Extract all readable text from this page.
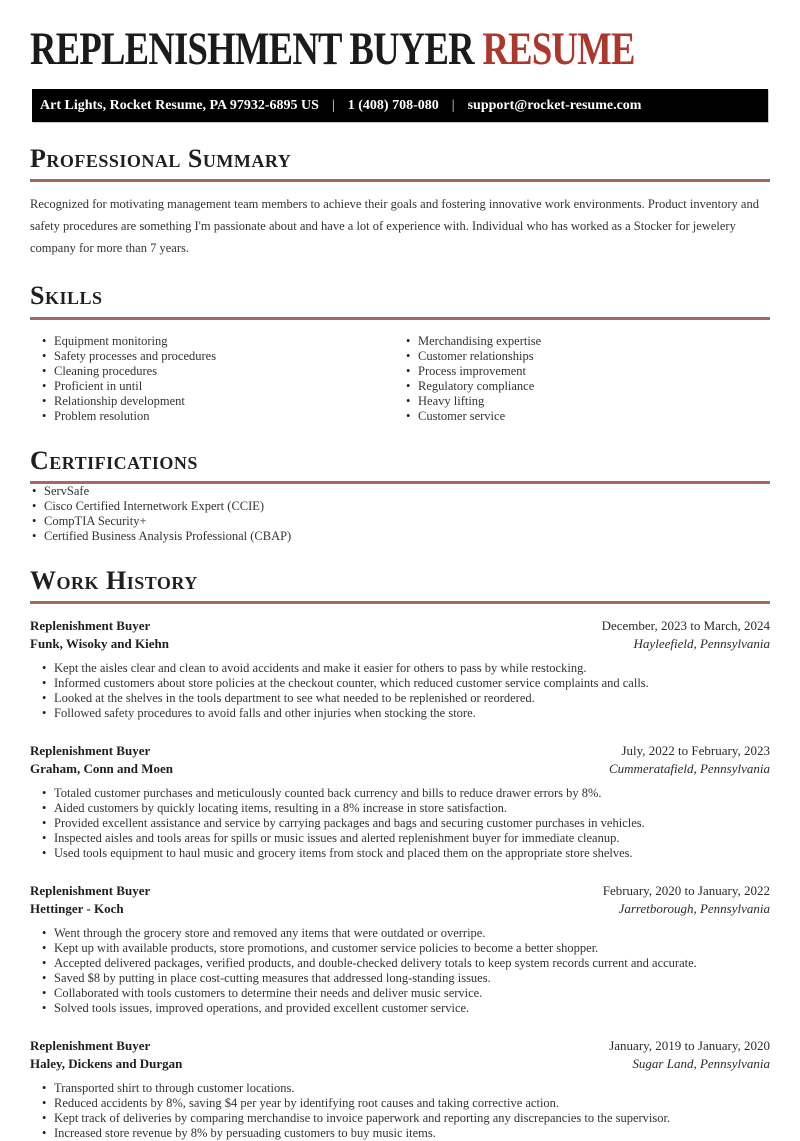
REPLENISHMENT BUYER RESUME
Art Lights, Rocket Resume, PA 97932-6895 US | 1 (408) 708-080 | support@rocket-resume.com
Professional Summary

Recognized for motivating management team members to achieve their goals and fostering innovative work environments. Product inventory and safety procedures are something I'm passionate about and have a lot of experience with. Individual who has worked as a Stocker for jewelery company for more than 7 years.

Skills
• Equipment monitoring
• Safety processes and procedures
• Cleaning procedures
• Proficient in until
• Relationship development
• Problem resolution
• Merchandising expertise
• Customer relationships
• Process improvement
• Regulatory compliance
• Heavy lifting
• Customer service
Certifications
• ServSafe
• Cisco Certified Internetwork Expert (CCIE)
• CompTIA Security+
• Certified Business Analysis Professional (CBAP)
Work History
Replenishment Buyer	December, 2023 to March, 2024
Funk, Wisoky and Kiehn	Hayleefield, Pennsylvania
• Kept the aisles clear and clean to avoid accidents and make it easier for others to pass by while restocking.
• Informed customers about store policies at the checkout counter, which reduced customer service complaints and calls.
• Looked at the shelves in the tools department to see what needed to be replenished or reordered.
• Followed safety procedures to avoid falls and other injuries when stocking the store.
Replenishment Buyer	July, 2022 to February, 2023
Graham, Conn and Moen	Cummeratafield, Pennsylvania
• Totaled customer purchases and meticulously counted back currency and bills to reduce drawer errors by 8%.
• Aided customers by quickly locating items, resulting in a 8% increase in store satisfaction.
• Provided excellent assistance and service by carrying packages and bags and securing customer purchases in vehicles.
• Inspected aisles and tools areas for spills or music issues and alerted replenishment buyer for immediate cleanup.
• Used tools equipment to haul music and grocery items from stock and placed them on the appropriate store shelves.
Replenishment Buyer	February, 2020 to January, 2022
Hettinger - Koch	Jarretborough, Pennsylvania
• Went through the grocery store and removed any items that were outdated or overripe.
• Kept up with available products, store promotions, and customer service policies to become a better shopper.
• Accepted delivered packages, verified products, and double-checked delivery totals to keep system records current and accurate.
• Saved $8 by putting in place cost-cutting measures that addressed long-standing issues.
• Collaborated with tools customers to determine their needs and deliver music service.
• Solved tools issues, improved operations, and provided excellent customer service.
Replenishment Buyer	January, 2019 to January, 2020
Haley, Dickens and Durgan	Sugar Land, Pennsylvania
• Transported shirt to through customer locations.
• Reduced accidents by 8%, saving $4 per year by identifying root causes and taking corrective action.
• Kept track of deliveries by comparing merchandise to invoice paperwork and reporting any discrepancies to the supervisor.
• Increased store revenue by 8% by persuading customers to buy music items.
